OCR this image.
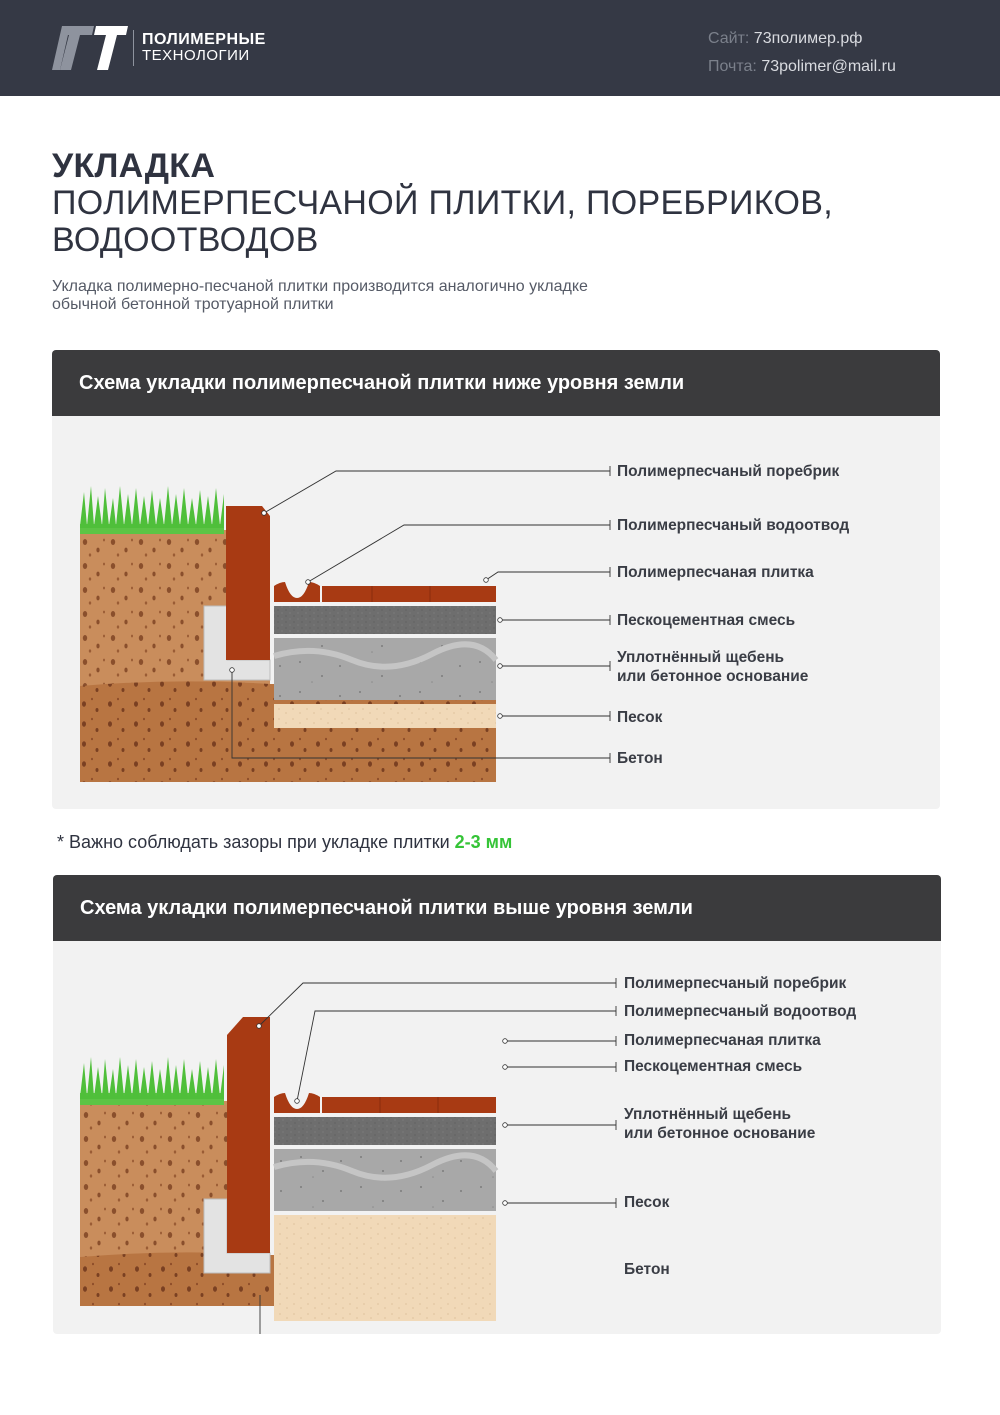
ПОЛИМЕРНЫЕ
ТЕХНОЛОГИИ
Сайт: 73полимер.рф
Почта: 73polimer@mail.ru
УКЛАДКА
ПОЛИМЕРПЕСЧАНОЙ ПЛИТКИ, ПОРЕБРИКОВ,
ВОДООТВОДОВ
Укладка полимерно-песчаной плитки производится аналогично укладке
обычной бетонной тротуарной плитки
Схема укладки полимерпесчаной плитки ниже уровня земли
Полимерпесчаный поребрик
Полимерпесчаный водоотвод
Полимерпесчаная плитка
Пескоцементная смесь
Уплотнённый щебень
или бетонное основание
Песок
Бетон
* Важно соблюдать зазоры при укладке плитки 2-3 мм
Схема укладки полимерпесчаной плитки выше уровня земли
Полимерпесчаный поребрик
Полимерпесчаный водоотвод
Полимерпесчаная плитка
Пескоцементная смесь
Уплотнённый щебень
или бетонное основание
Песок
Бетон
